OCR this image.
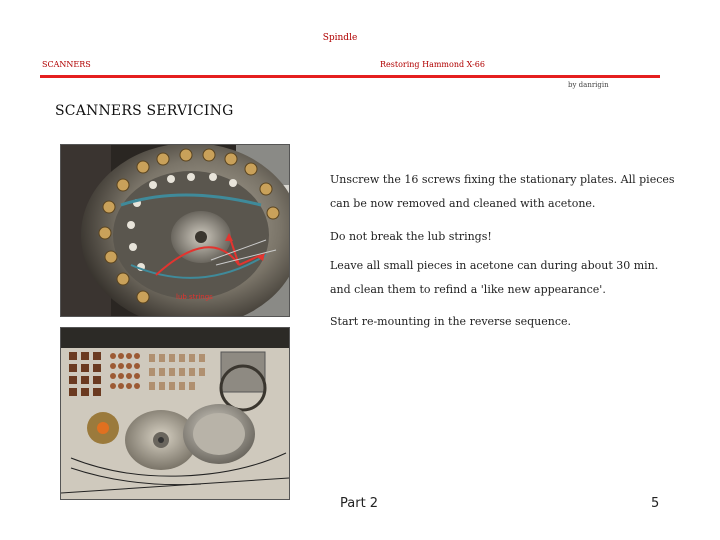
Spindle
SCANNERS	Restoring Hammond X-66
by danrigin
SCANNERS SERVICING
lub strings
Unscrew the 16 screws fixing the stationary plates. All pieces can be now removed and cleaned with acetone.
Do not break the lub strings!
Leave all small pieces in acetone can during about 30 min. and clean them to refind a 'like new appearance'.
Start re-mounting in the reverse sequence.
Part 2	5
